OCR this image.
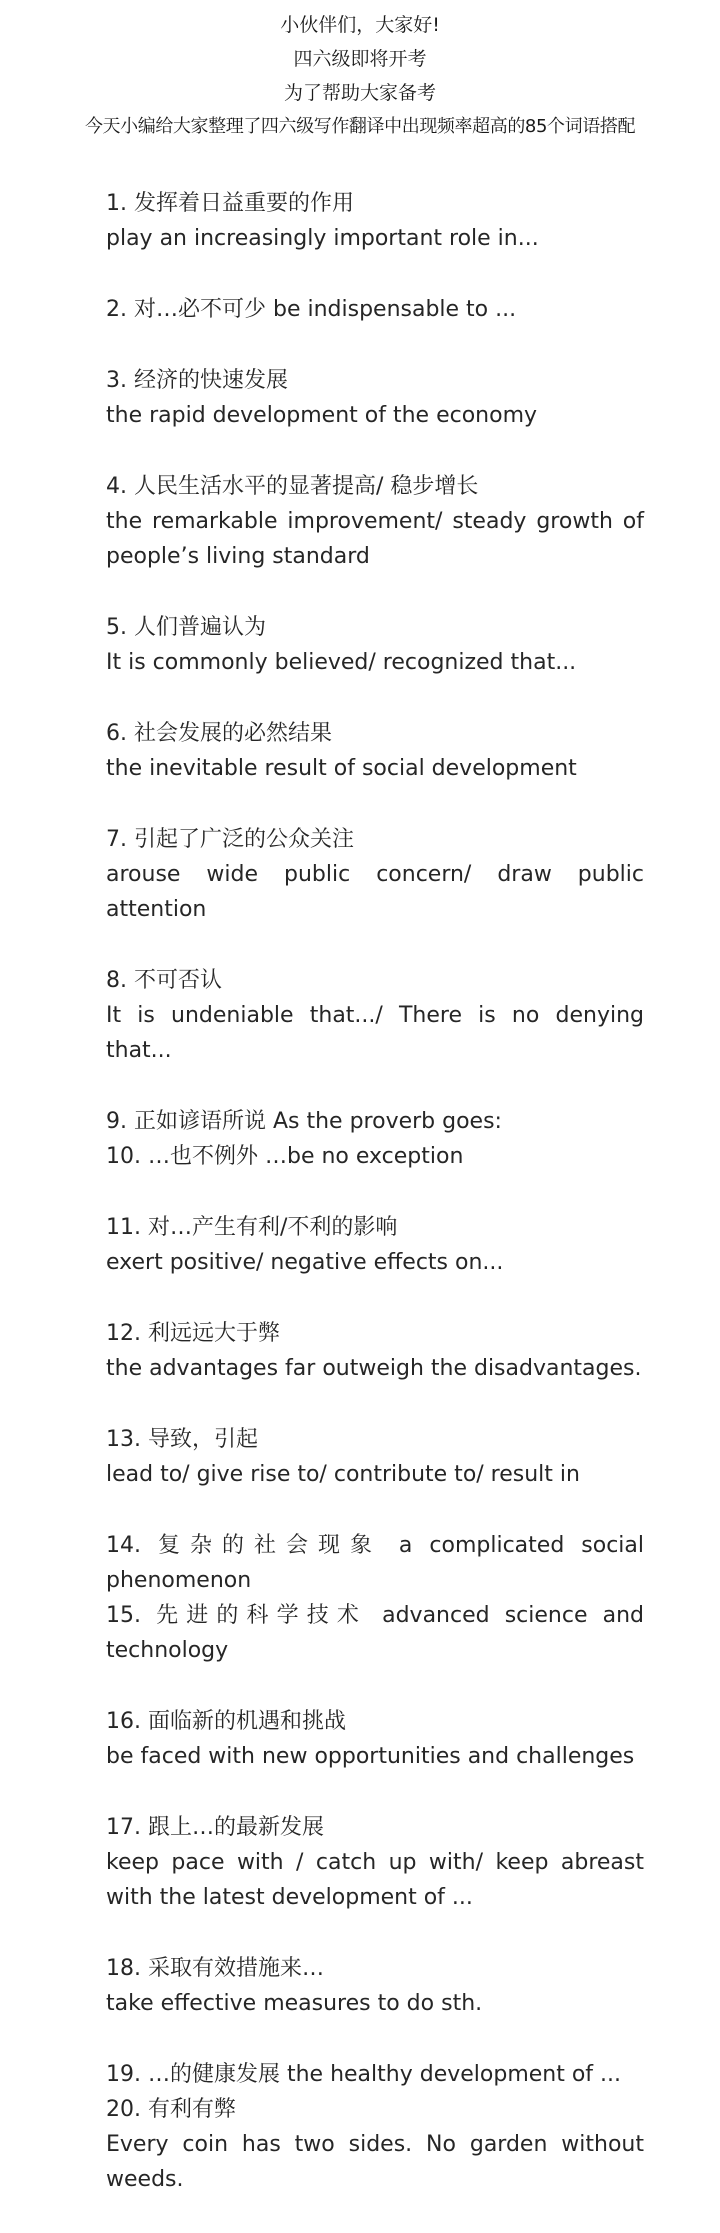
小伙伴们，大家好!
四六级即将开考
为了帮助大家备考
今天小编给大家整理了四六级写作翻译中出现频率超高的85个词语搭配
1. 发挥着日益重要的作用
play an increasingly important role in...
2. 对…必不可少 be indispensable to ...
3. 经济的快速发展
the rapid development of the economy
4. 人民生活水平的显著提高/ 稳步增长
the remarkable improvement/ steady growth of people’s living standard
5. 人们普遍认为
It is commonly believed/ recognized that...
6. 社会发展的必然结果
the inevitable result of social development
7. 引起了广泛的公众关注
arouse wide public concern/ draw public attention
8. 不可否认
It is undeniable that.../ There is no denying that...
9. 正如谚语所说 As the proverb goes:
10. …也不例外 …be no exception
11. 对…产生有利/不利的影响
exert positive/ negative effects on...
12. 利远远大于弊
the advantages far outweigh the disadvantages.
13. 导致，引起
lead to/ give rise to/ contribute to/ result in
14. 复杂的社会现象 a complicated social phenomenon
15. 先进的科学技术 advanced science and technology
16. 面临新的机遇和挑战
be faced with new opportunities and challenges
17. 跟上…的最新发展
keep pace with / catch up with/ keep abreast with the latest development of ...
18. 采取有效措施来…
take effective measures to do sth.
19. …的健康发展 the healthy development of ...
20. 有利有弊
Every coin has two sides. No garden without weeds.
